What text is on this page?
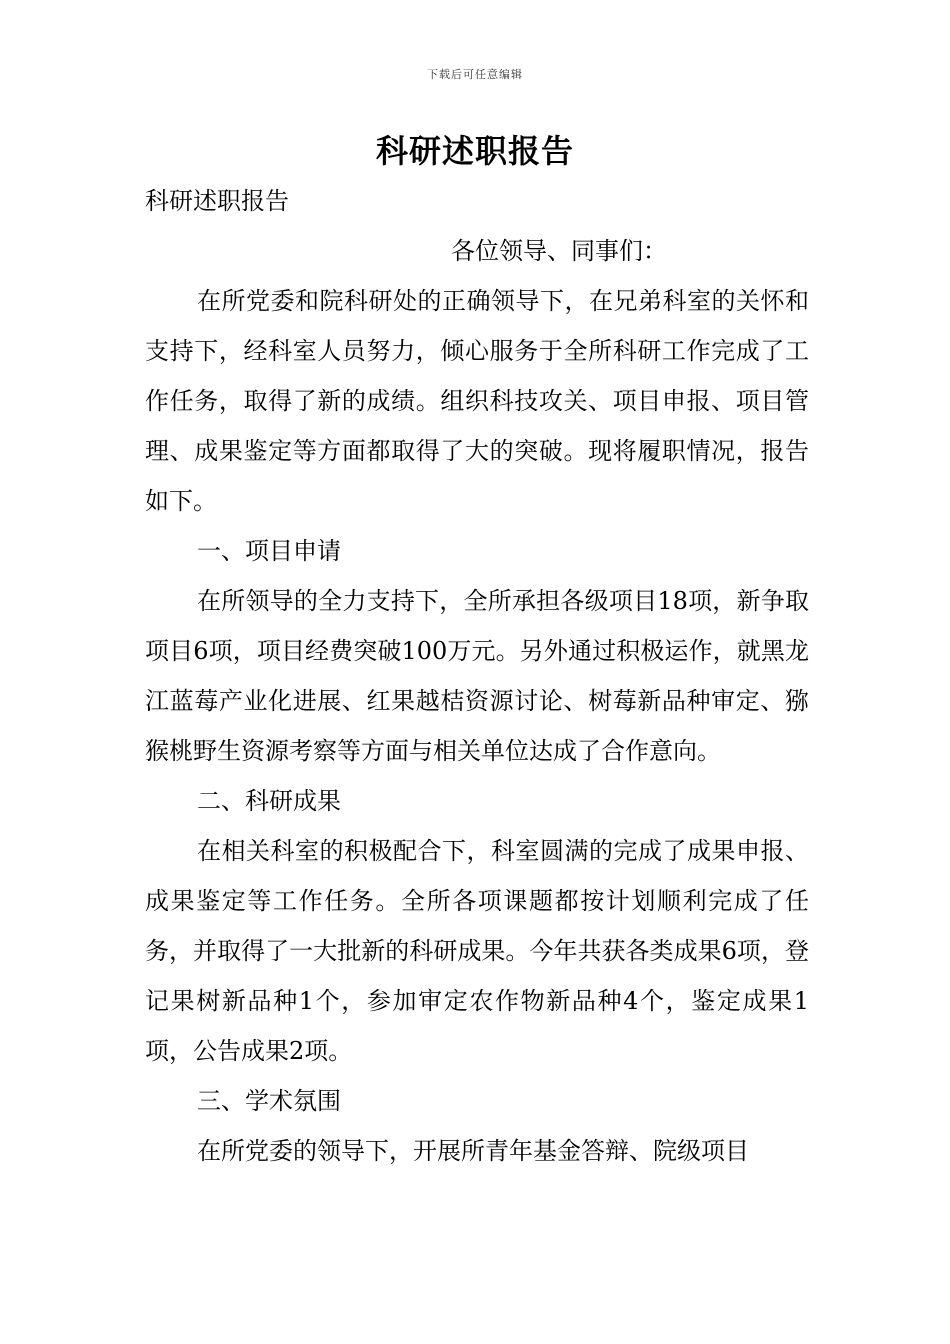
下载后可任意编辑
科研述职报告

科研述职报告

各位领导、同事们：

在所党委和院科研处的正确领导下，在兄弟科室的关怀和支持下，经科室人员努力，倾心服务于全所科研工作完成了工作任务，取得了新的成绩。组织科技攻关、项目申报、项目管理、成果鉴定等方面都取得了大的突破。现将履职情况，报告如下。

一、项目申请

在所领导的全力支持下，全所承担各级项目18项，新争取项目6项，项目经费突破100万元。另外通过积极运作，就黑龙江蓝莓产业化进展、红果越桔资源讨论、树莓新品种审定、猕猴桃野生资源考察等方面与相关单位达成了合作意向。

二、科研成果

在相关科室的积极配合下，科室圆满的完成了成果申报、成果鉴定等工作任务。全所各项课题都按计划顺利完成了任务，并取得了一大批新的科研成果。今年共获各类成果6项，登记果树新品种1个，参加审定农作物新品种4个，鉴定成果1项，公告成果2项。

三、学术氛围

在所党委的领导下，开展所青年基金答辩、院级项目
